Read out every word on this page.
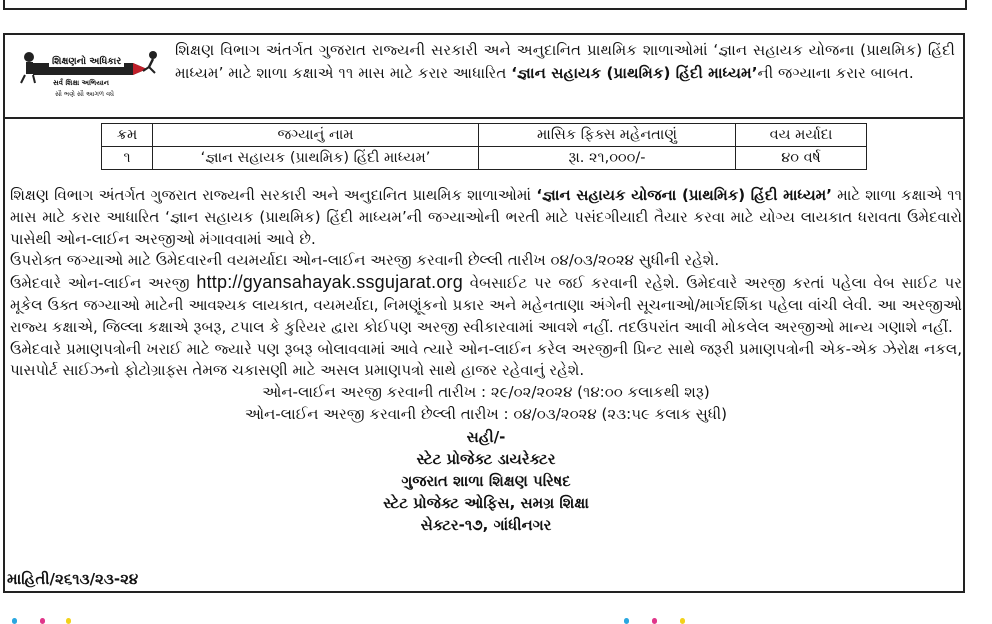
શિક્ષણનો અધિકાર
સર્વ શિક્ષા અભિયાન
સૌ ભણે સૌ આગળ વધે
શિક્ષણ વિભાગ અંતર્ગત ગુજરાત રાજ્યની સરકારી અને અનુદાનિત પ્રાથમિક શાળાઓમાં ‘જ્ઞાન સહાયક યોજના (પ્રાથમિક) હિંદી માધ્યમ’ માટે શાળા કક્ષાએ ૧૧ માસ માટે કરાર આધારિત ‘જ્ઞાન સહાયક (પ્રાથમિક) હિંદી માધ્યમ’ની જગ્યાના કરાર બાબત.
ક્રમ	જગ્યાનું નામ	માસિક ફિક્સ મહેનતાણું	વય મર્યાદા
૧	‘જ્ઞાન સહાયક (પ્રાથમિક) હિંદી માધ્યમ’	રૂા. ૨૧,૦૦૦/-	૪૦ વર્ષ

શિક્ષણ વિભાગ અંતર્ગત ગુજરાત રાજ્યની સરકારી અને અનુદાનિત પ્રાથમિક શાળાઓમાં ‘જ્ઞાન સહાયક યોજના (પ્રાથમિક) હિંદી માધ્યમ’ માટે શાળા કક્ષાએ ૧૧ માસ માટે કરાર આધારિત ‘જ્ઞાન સહાયક (પ્રાથમિક) હિંદી માધ્યમ’ની જગ્યાઓની ભરતી માટે પસંદગીયાદી તૈયાર કરવા માટે યોગ્ય લાયકાત ધરાવતા ઉમેદવારો પાસેથી ઓન-લાઈન અરજીઓ મંગાવવામાં આવે છે.

ઉપરોક્ત જગ્યાઓ માટે ઉમેદવારની વયમર્યાદા ઓન-લાઈન અરજી કરવાની છેલ્લી તારીખ ૦૪/૦૩/૨૦૨૪ સુધીની રહેશે.

ઉમેદવારે ઓન-લાઈન અરજી http://gyansahayak.ssgujarat.org વેબસાઈટ પર જઈ કરવાની રહેશે. ઉમેદવારે અરજી કરતાં પહેલા વેબ સાઈટ પર મૂકેલ ઉક્ત જગ્યાઓ માટેની આવશ્યક લાયકાત, વયમર્યાદા, નિમણૂંકનો પ્રકાર અને મહેનતાણા અંગેની સૂચનાઓ/માર્ગદર્શિકા પહેલા વાંચી લેવી. આ અરજીઓ રાજ્ય કક્ષાએ, જિલ્લા કક્ષાએ રૂબરૂ, ટપાલ કે કુરિયર દ્વારા કોઈપણ અરજી સ્વીકારવામાં આવશે નહીં. તદઉપરાંત આવી મોકલેલ અરજીઓ માન્ય ગણાશે નહીં.

ઉમેદવારે પ્રમાણપત્રોની ખરાઈ માટે જ્યારે પણ રૂબરૂ બોલાવવામાં આવે ત્યારે ઓન-લાઈન કરેલ અરજીની પ્રિન્ટ સાથે જરૂરી પ્રમાણપત્રોની એક-એક ઝેરોક્ષ નકલ, પાસપોર્ટ સાઈઝનો ફોટોગ્રાફ્સ તેમજ ચકાસણી માટે અસલ પ્રમાણપત્રો સાથે હાજર રહેવાનું રહેશે.

ઓન-લાઈન અરજી કરવાની તારીખ : ૨૯/૦૨/૨૦૨૪ (૧૪:૦૦ કલાકથી શરૂ)

ઓન-લાઈન અરજી કરવાની છેલ્લી તારીખ : ૦૪/૦૩/૨૦૨૪ (૨૩:૫૯ કલાક સુધી)

સહી/-
સ્ટેટ પ્રોજેક્ટ ડાયરેક્ટર
ગુજરાત શાળા શિક્ષણ પરિષદ
સ્ટેટ પ્રોજેક્ટ ઓફિસ, સમગ્ર શિક્ષા
સેક્ટર-૧૭, ગાંધીનગર
માહિતી/૨૬૧૩/૨૩-૨૪
